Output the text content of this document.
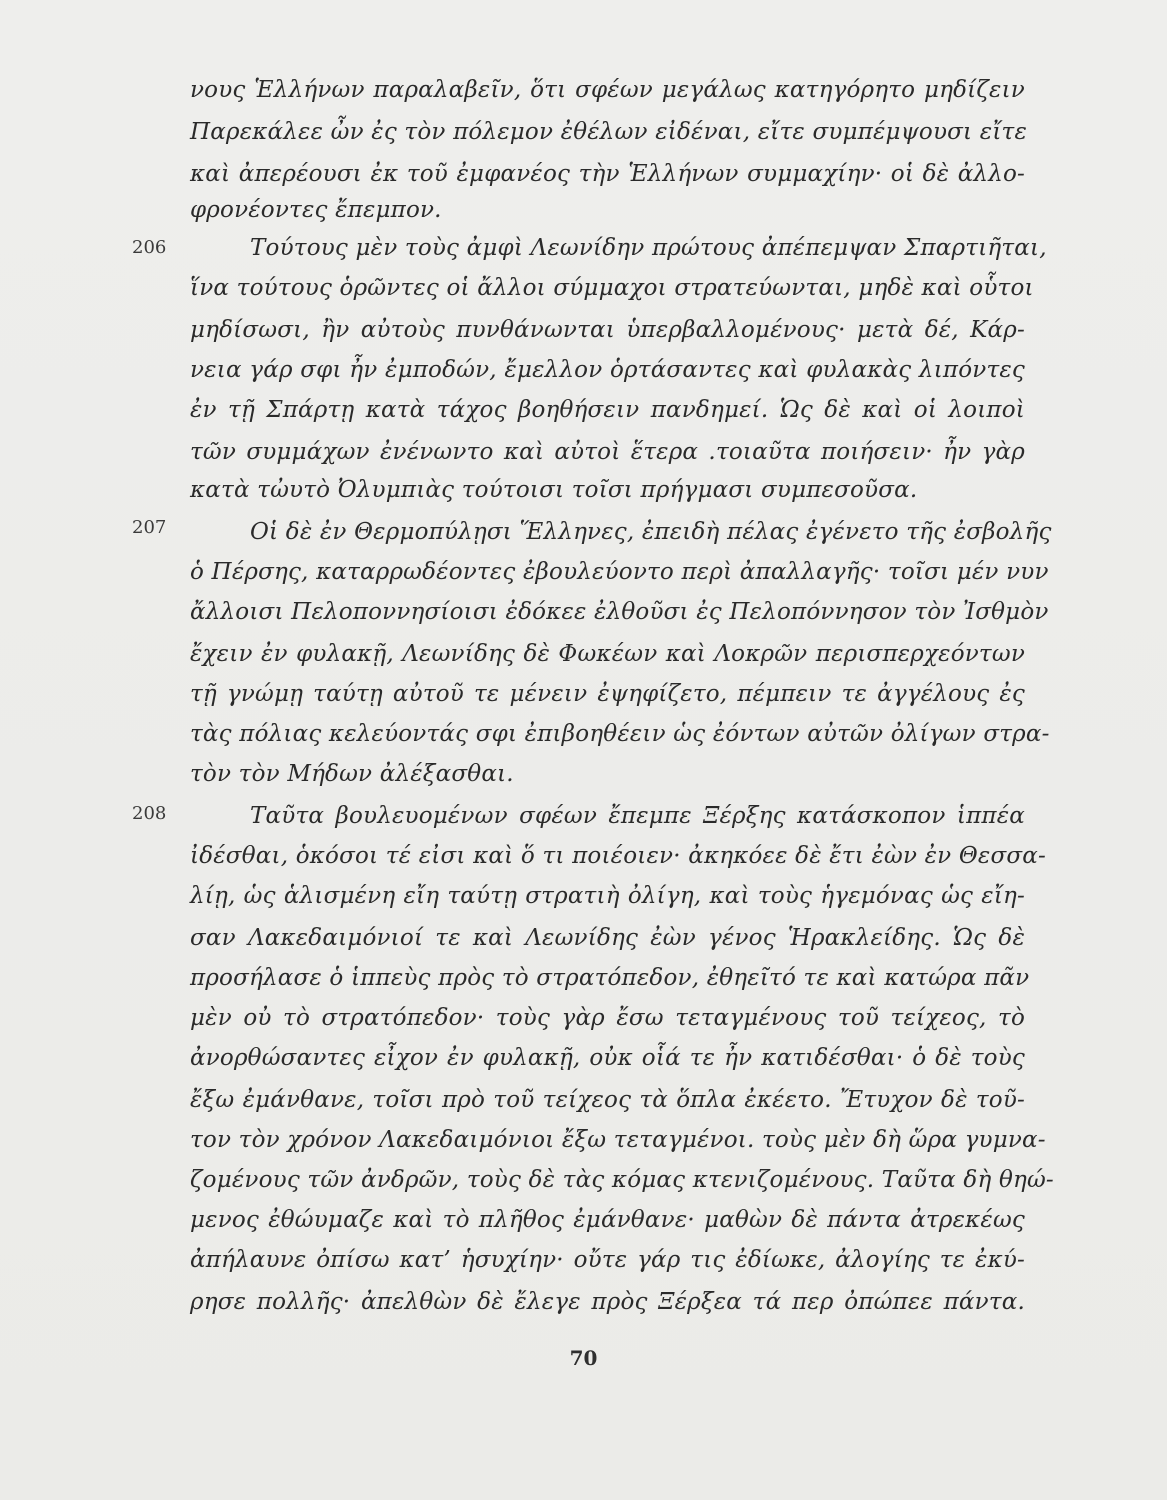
νους Ἑλλήνων παραλαβεῖν, ὅτι σφέων μεγάλως κατηγόρητο μηδίζειν
Παρεκάλεε ὦν ἐς τὸν πόλεμον ἐθέλων εἰδέναι, εἴτε συμπέμψουσι εἴτε
καὶ ἀπερέουσι ἐκ τοῦ ἐμφανέος τὴν Ἑλλήνων συμμαχίην· οἱ δὲ ἀλλο-
φρονέοντες ἔπεμπον.
206	Τούτους μὲν τοὺς ἀμφὶ Λεωνίδην πρώτους ἀπέπεμψαν Σπαρτιῆται,
ἵνα τούτους ὁρῶντες οἱ ἄλλοι σύμμαχοι στρατεύωνται, μηδὲ καὶ οὗτοι
μηδίσωσι, ἢν αὐτοὺς πυνθάνωνται ὑπερβαλλομένους· μετὰ δέ, Κάρ-
νεια γάρ σφι ἦν ἐμποδών, ἔμελλον ὁρτάσαντες καὶ φυλακὰς λιπόντες
ἐν τῇ Σπάρτῃ κατὰ τάχος βοηθήσειν πανδημεί. Ὡς δὲ καὶ οἱ λοιποὶ
τῶν συμμάχων ἐνένωντο καὶ αὐτοὶ ἕτερα .τοιαῦτα ποιήσειν· ἦν γὰρ
κατὰ τὠυτὸ Ὀλυμπιὰς τούτοισι τοῖσι πρήγμασι συμπεσοῦσα.
207	Οἱ δὲ ἐν Θερμοπύλῃσι Ἕλληνες, ἐπειδὴ πέλας ἐγένετο τῆς ἐσβολῆς
ὁ Πέρσης, καταρρωδέοντες ἐβουλεύοντο περὶ ἀπαλλαγῆς· τοῖσι μέν νυν
ἄλλοισι Πελοποννησίοισι ἐδόκεε ἐλθοῦσι ἐς Πελοπόννησον τὸν Ἰσθμὸν
ἔχειν ἐν φυλακῇ, Λεωνίδης δὲ Φωκέων καὶ Λοκρῶν περισπερχεόντων
τῇ γνώμῃ ταύτῃ αὐτοῦ τε μένειν ἐψηφίζετο, πέμπειν τε ἀγγέλους ἐς
τὰς πόλιας κελεύοντάς σφι ἐπιβοηθέειν ὡς ἐόντων αὐτῶν ὀλίγων στρα-
τὸν τὸν Μήδων ἀλέξασθαι.
208	Ταῦτα βουλευομένων σφέων ἔπεμπε Ξέρξης κατάσκοπον ἱππέα
ἰδέσθαι, ὁκόσοι τέ εἰσι καὶ ὅ τι ποιέοιεν· ἀκηκόεε δὲ ἔτι ἐὼν ἐν Θεσσα-
λίῃ, ὡς ἁλισμένη εἴη ταύτῃ στρατιὴ ὀλίγη, καὶ τοὺς ἡγεμόνας ὡς εἴη-
σαν Λακεδαιμόνιοί τε καὶ Λεωνίδης ἐὼν γένος Ἡρακλείδης. Ὡς δὲ
προσήλασε ὁ ἱππεὺς πρὸς τὸ στρατόπεδον, ἐθηεῖτό τε καὶ κατώρα πᾶν
μὲν οὐ τὸ στρατόπεδον· τοὺς γὰρ ἔσω τεταγμένους τοῦ τείχεος, τὸ
ἀνορθώσαντες εἶχον ἐν φυλακῇ, οὐκ οἷά τε ἦν κατιδέσθαι· ὁ δὲ τοὺς
ἔξω ἐμάνθανε, τοῖσι πρὸ τοῦ τείχεος τὰ ὅπλα ἐκέετο. Ἔτυχον δὲ τοῦ-
τον τὸν χρόνον Λακεδαιμόνιοι ἔξω τεταγμένοι. τοὺς μὲν δὴ ὥρα γυμνα-
ζομένους τῶν ἀνδρῶν, τοὺς δὲ τὰς κόμας κτενιζομένους. Ταῦτα δὴ θηώ-
μενος ἐθώυμαζε καὶ τὸ πλῆθος ἐμάνθανε· μαθὼν δὲ πάντα ἀτρεκέως
ἀπήλαυνε ὀπίσω κατ’ ἡσυχίην· οὔτε γάρ τις ἐδίωκε, ἀλογίης τε ἐκύ-
ρησε πολλῆς· ἀπελθὼν δὲ ἔλεγε πρὸς Ξέρξεα τά περ ὀπώπεε πάντα.
70
